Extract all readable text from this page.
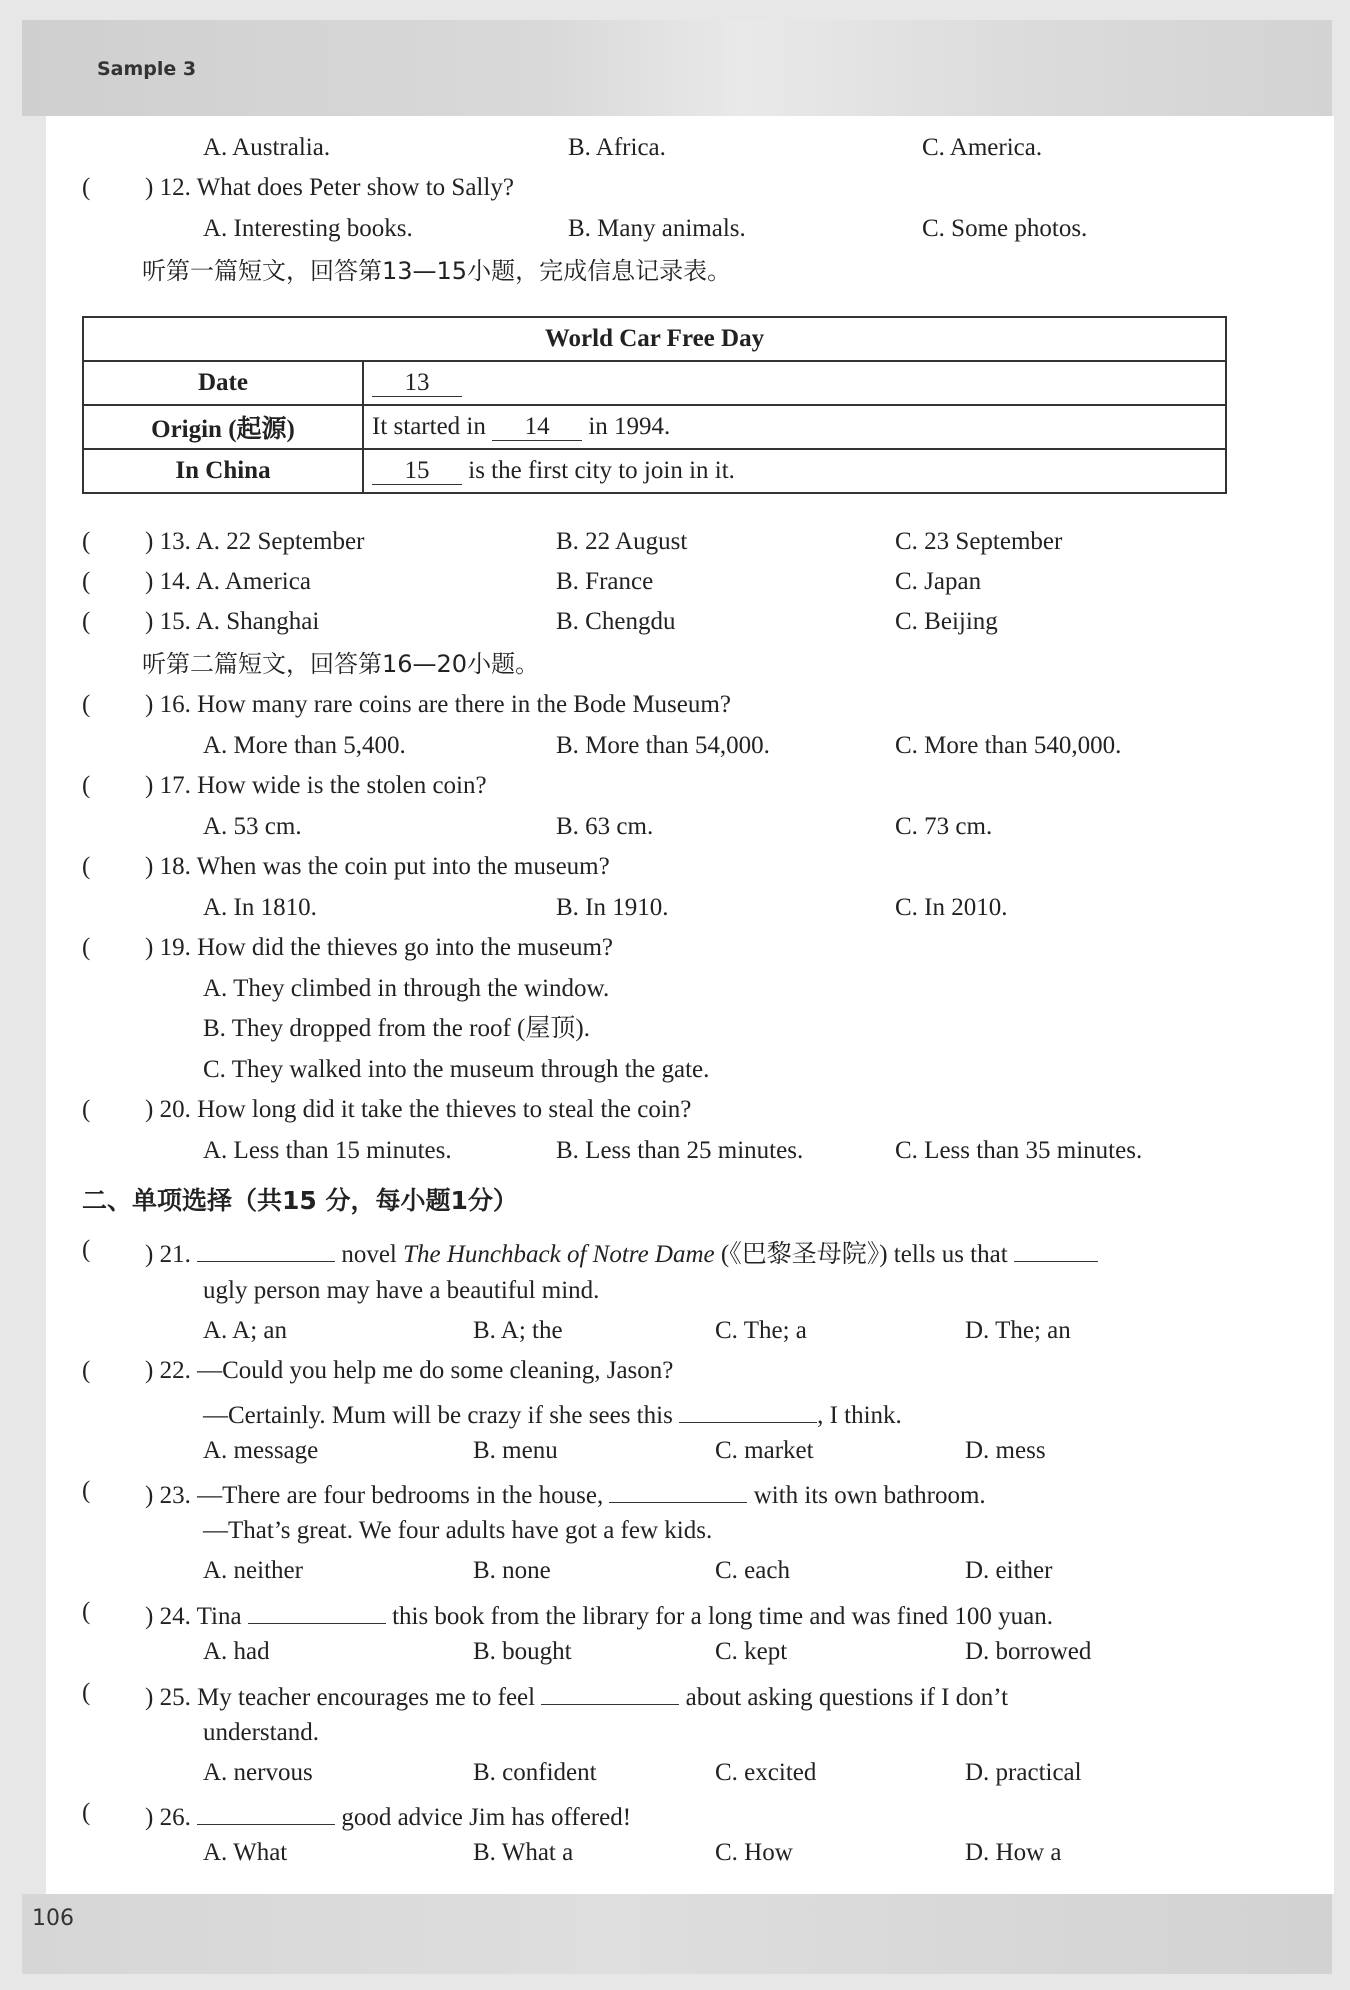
Sample 3
106
A. Australia.	B. Africa.	C. America.
( ) 12. What does Peter show to Sally?
A. Interesting books.	B. Many animals.	C. Some photos.
听第一篇短文，回答第13—15小题，完成信息记录表。
World Car Free Day	
Date	13
Origin (起源)	It started in 14 in 1994.
In China	15 is the first city to join in it.
( ) 13. A. 22 September	B. 22 August	C. 23 September
( ) 14. A. America	B. France	C. Japan
( ) 15. A. Shanghai	B. Chengdu	C. Beijing
听第二篇短文，回答第16—20小题。
( ) 16. How many rare coins are there in the Bode Museum?
A. More than 5,400.	B. More than 54,000.	C. More than 540,000.
( ) 17. How wide is the stolen coin?
A. 53 cm.	B. 63 cm.	C. 73 cm.
( ) 18. When was the coin put into the museum?
A. In 1810.	B. In 1910.	C. In 2010.
( ) 19. How did the thieves go into the museum?
A. They climbed in through the window.
B. They dropped from the roof (屋顶).
C. They walked into the museum through the gate.
( ) 20. How long did it take the thieves to steal the coin?
A. Less than 15 minutes.	B. Less than 25 minutes.	C. Less than 35 minutes.
二、单项选择（共15 分，每小题1分）
( ) 21.	novel The Hunchback of Notre Dame (《巴黎圣母院》) tells us that
ugly person may have a beautiful mind.
A. A; an	B. A; the	C. The; a	D. The; an
( ) 22. —Could you help me do some cleaning, Jason?
—Certainly. Mum will be crazy if she sees this	, I think.
A. message	B. menu	C. market	D. mess
( ) 23. —There are four bedrooms in the house,	with its own bathroom.
—That’s great. We four adults have got a few kids.
A. neither	B. none	C. each	D. either
( ) 24. Tina	this book from the library for a long time and was fined 100 yuan.
A. had	B. bought	C. kept	D. borrowed
( ) 25. My teacher encourages me to feel	about asking questions if I don’t
understand.
A. nervous	B. confident	C. excited	D. practical
( ) 26.	good advice Jim has offered!
A. What	B. What a	C. How	D. How a
